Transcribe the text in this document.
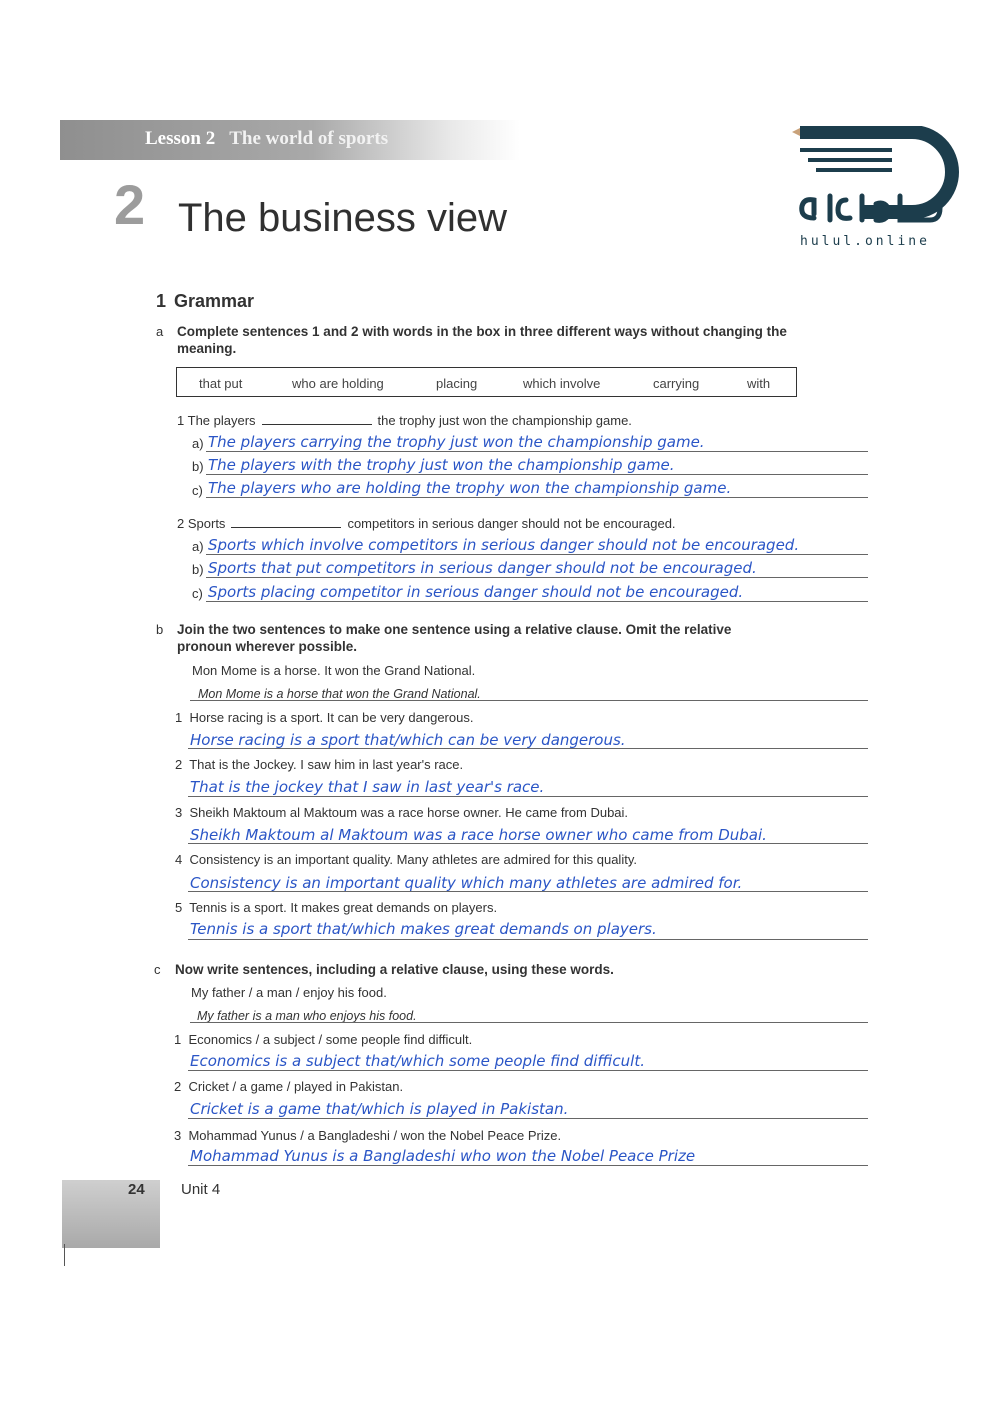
Lesson 2 The world of sports
2 The business view
hulul.online
1 Grammar
a Complete sentences 1 and 2 with words in the box in three different ways without changing the meaning.
that put	who are holding	placing	which involve	carrying	with
1 The players	the trophy just won the championship game.
a) The players carrying the trophy just won the championship game.
b) The players with the trophy just won the championship game.
c) The players who are holding the trophy won the championship game.
2 Sports	competitors in serious danger should not be encouraged.
a) Sports which involve competitors in serious danger should not be encouraged.
b) Sports that put competitors in serious danger should not be encouraged.
c) Sports placing competitor in serious danger should not be encouraged.
b Join the two sentences to make one sentence using a relative clause. Omit the relative pronoun wherever possible.
Mon Mome is a horse. It won the Grand National.
Mon Mome is a horse that won the Grand National.
1 Horse racing is a sport. It can be very dangerous.
Horse racing is a sport that/which can be very dangerous.
2 That is the Jockey. I saw him in last year's race.
That is the jockey that I saw in last year's race.
3 Sheikh Maktoum al Maktoum was a race horse owner. He came from Dubai.
Sheikh Maktoum al Maktoum was a race horse owner who came from Dubai.
4 Consistency is an important quality. Many athletes are admired for this quality.
Consistency is an important quality which many athletes are admired for.
5 Tennis is a sport. It makes great demands on players.
Tennis is a sport that/which makes great demands on players.
c Now write sentences, including a relative clause, using these words.
My father / a man / enjoy his food.
My father is a man who enjoys his food.
1 Economics / a subject / some people find difficult.
Economics is a subject that/which some people find difficult.
2 Cricket / a game / played in Pakistan.
Cricket is a game that/which is played in Pakistan.
3 Mohammad Yunus / a Bangladeshi / won the Nobel Peace Prize.
Mohammad Yunus is a Bangladeshi who won the Nobel Peace Prize
24 Unit 4
